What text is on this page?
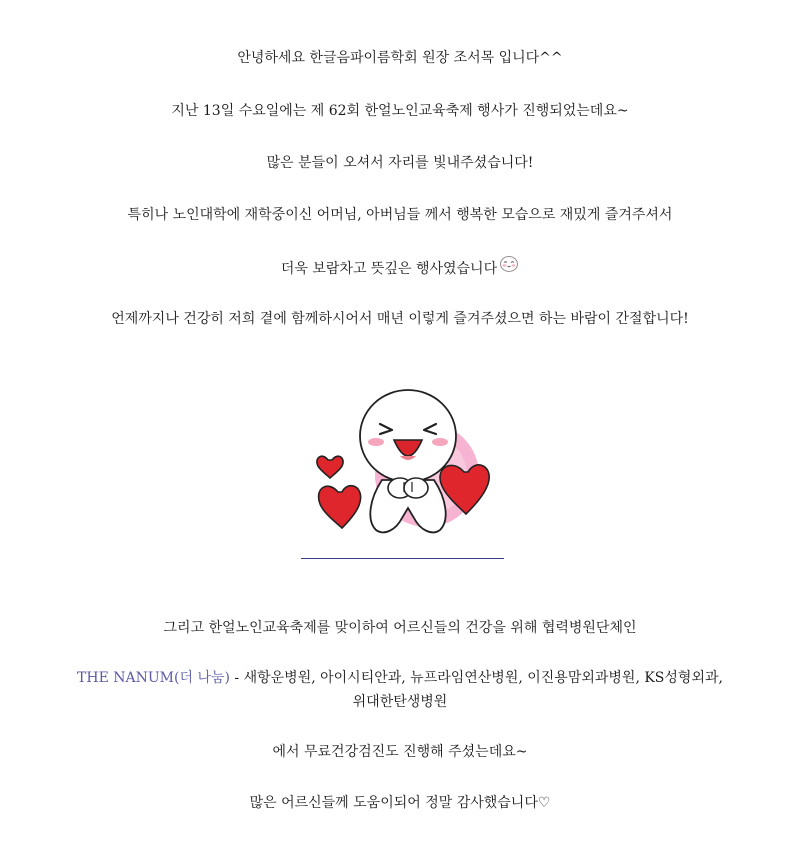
안녕하세요 한글음파이름학회 원장 조서목 입니다^^
지난 13일 수요일에는 제 62회 한얼노인교육축제 행사가 진행되었는데요~
많은 분들이 오셔서 자리를 빛내주셨습니다!
특히나 노인대학에 재학중이신 어머님, 아버님들 께서 행복한 모습으로 재밌게 즐겨주셔서
더욱 보람차고 뜻깊은 행사였습니다
언제까지나 건강히 저희 곁에 함께하시어서 매년 이렇게 즐겨주셨으면 하는 바람이 간절합니다!
그리고 한얼노인교육축제를 맞이하여 어르신들의 건강을 위해 협력병원단체인
THE NANUM(더 나눔) - 새항운병원, 아이시티안과, 뉴프라임연산병원, 이진용맘외과병원, KS성형외과,
위대한탄생병원
에서 무료건강검진도 진행해 주셨는데요~
많은 어르신들께 도움이되어 정말 감사했습니다♡
